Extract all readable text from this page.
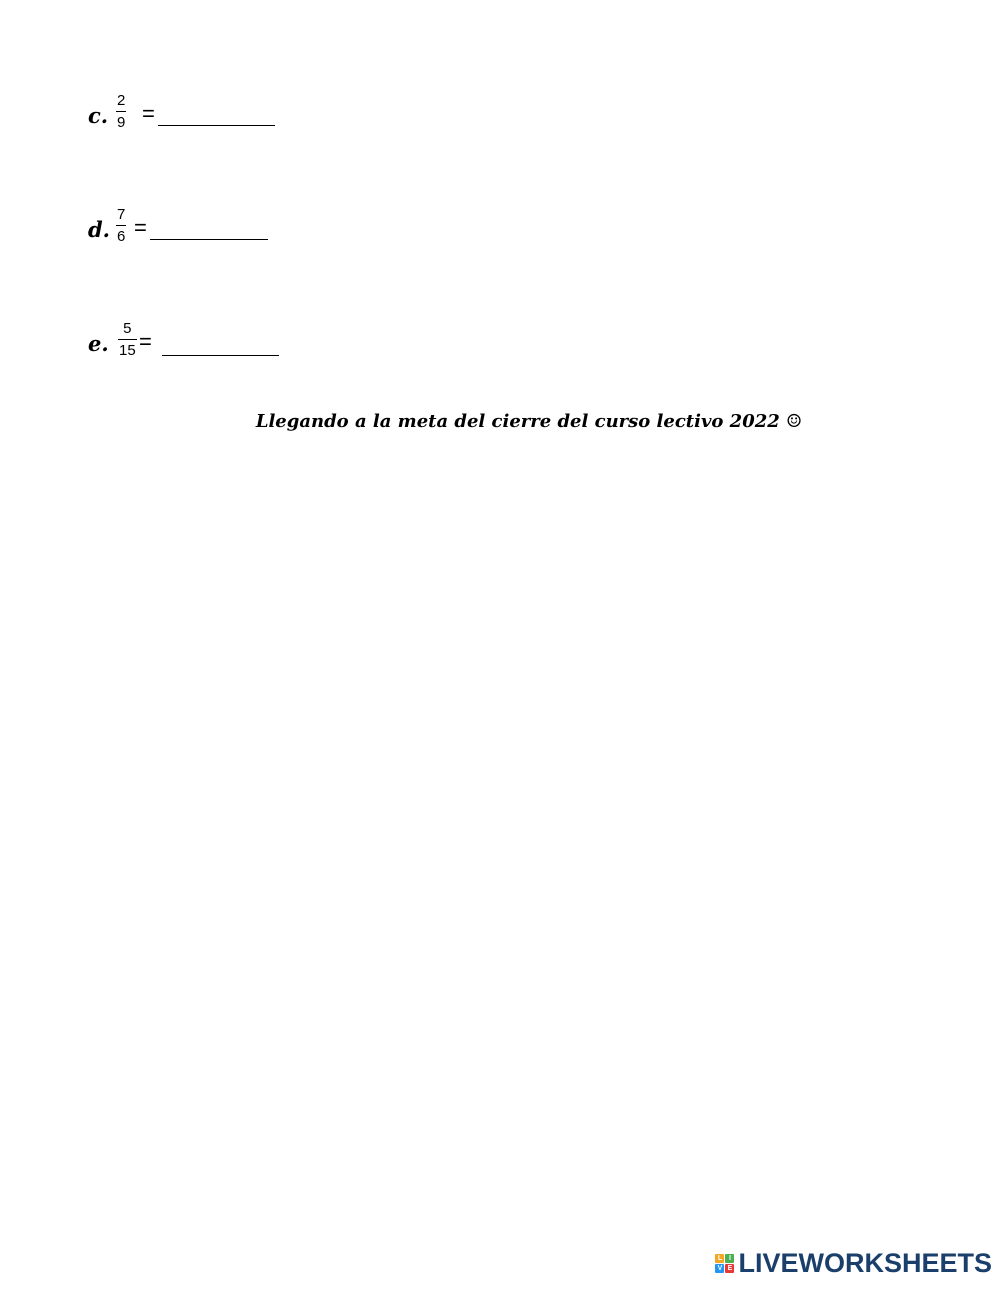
c.
2
9 =
d.
7
6 =
e.
5
15 =
Llegando a la meta del cierre del curso lectivo 2022 ☺
L I
V E LIVEWORKSHEETS
